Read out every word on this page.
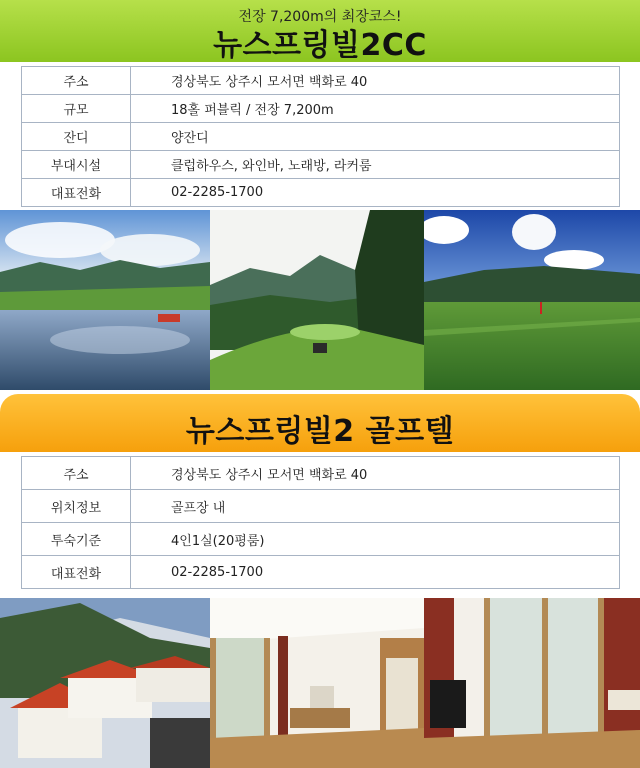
전장 7,200m의 최장코스!
뉴스프링빌2CC
주소	경상북도 상주시 모서면 백화로 40
규모	18홀 퍼블릭 / 전장 7,200m
잔디	양잔디
부대시설	클럽하우스, 와인바, 노래방, 라커룸
대표전화	02-2285-1700
뉴스프링빌2 골프텔
주소	경상북도 상주시 모서면 백화로 40
위치정보	골프장 내
투숙기준	4인1실(20평룸)
대표전화	02-2285-1700
